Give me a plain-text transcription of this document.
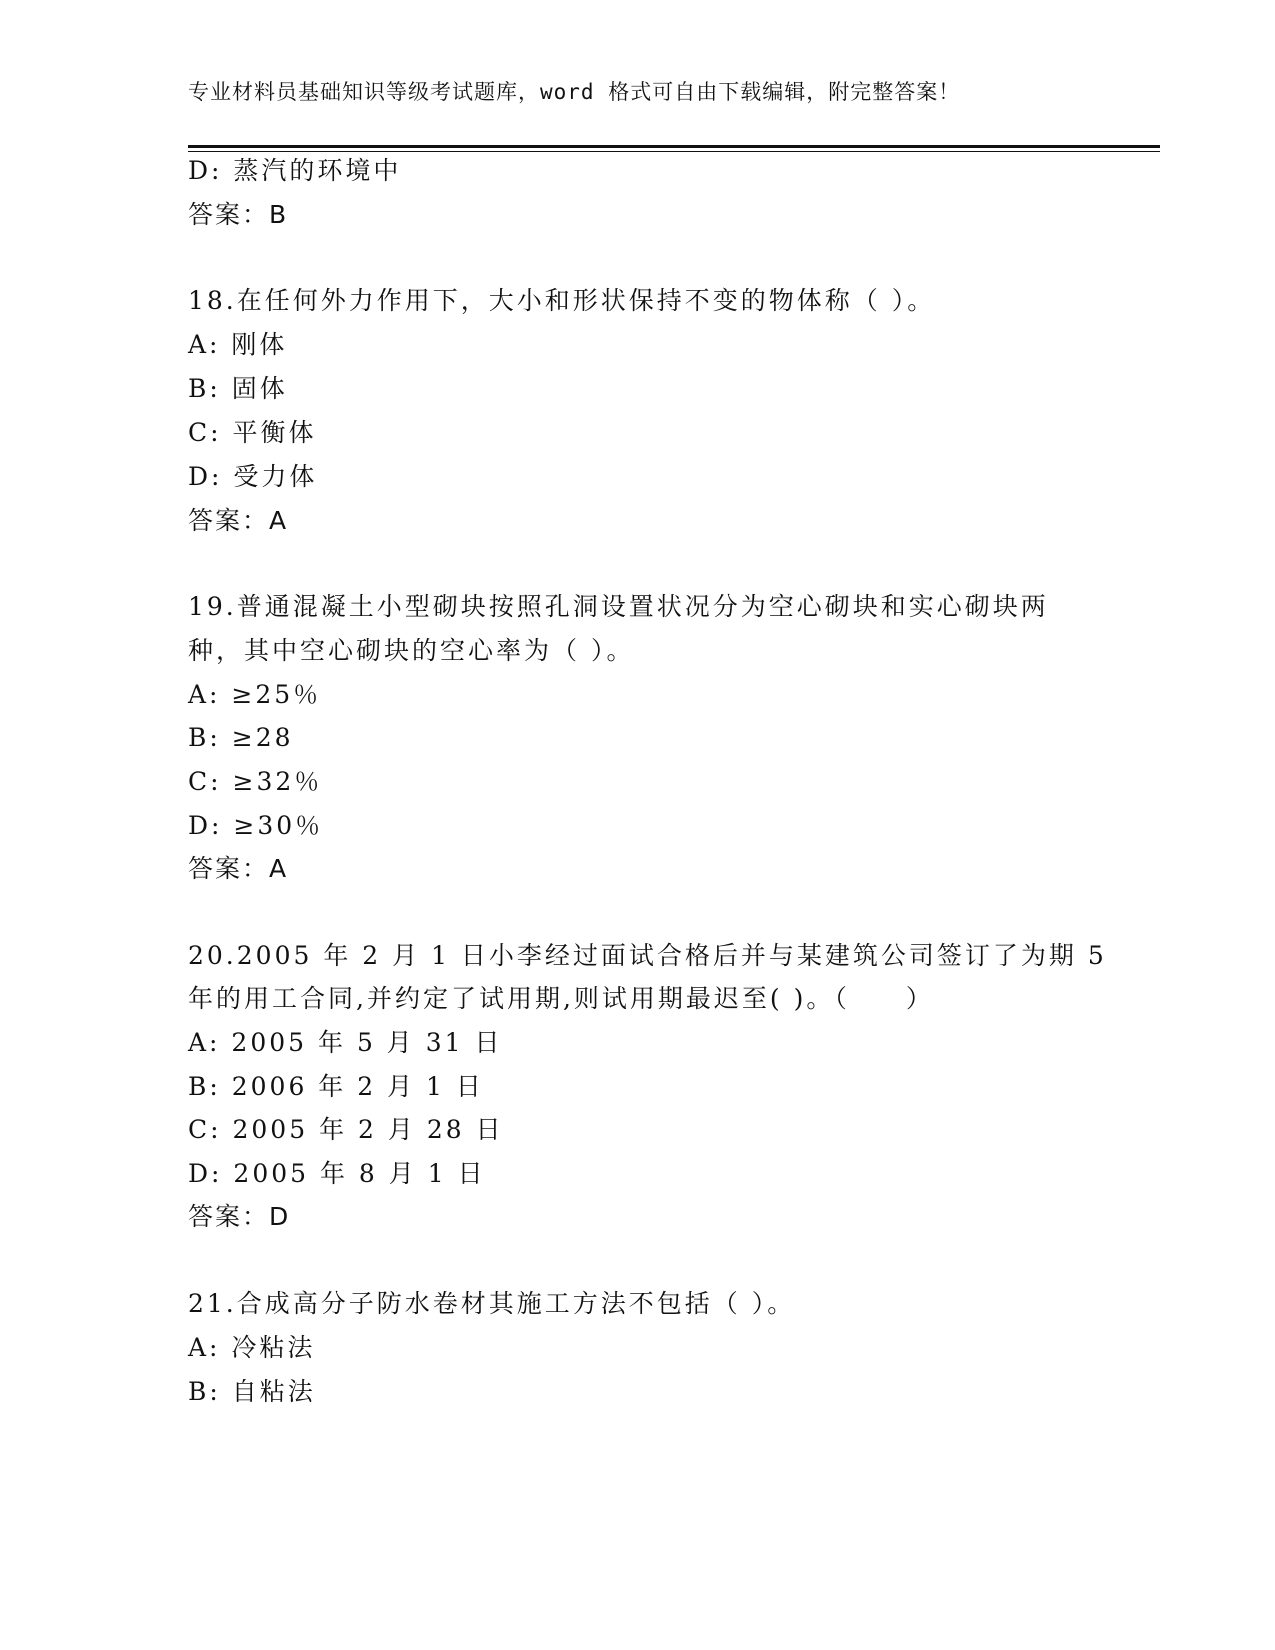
专业材料员基础知识等级考试题库，word 格式可自由下载编辑，附完整答案！
D: 蒸汽的环境中
答案：B
18.在任何外力作用下，大小和形状保持不变的物体称（ ）。
A: 刚体
B: 固体
C: 平衡体
D: 受力体
答案：A
19.普通混凝土小型砌块按照孔洞设置状况分为空心砌块和实心砌块两
种，其中空心砌块的空心率为（ ）。
A: ≥25％
B: ≥28
C: ≥32％
D: ≥30％
答案：A
20.2005 年 2 月 1 日小李经过面试合格后并与某建筑公司签订了为期 5
年的用工合同,并约定了试用期,则试用期最迟至( )。（　　）
A: 2005 年 5 月 31 日
B: 2006 年 2 月 1 日
C: 2005 年 2 月 28 日
D: 2005 年 8 月 1 日
答案：D
21.合成高分子防水卷材其施工方法不包括（ ）。
A: 冷粘法
B: 自粘法
